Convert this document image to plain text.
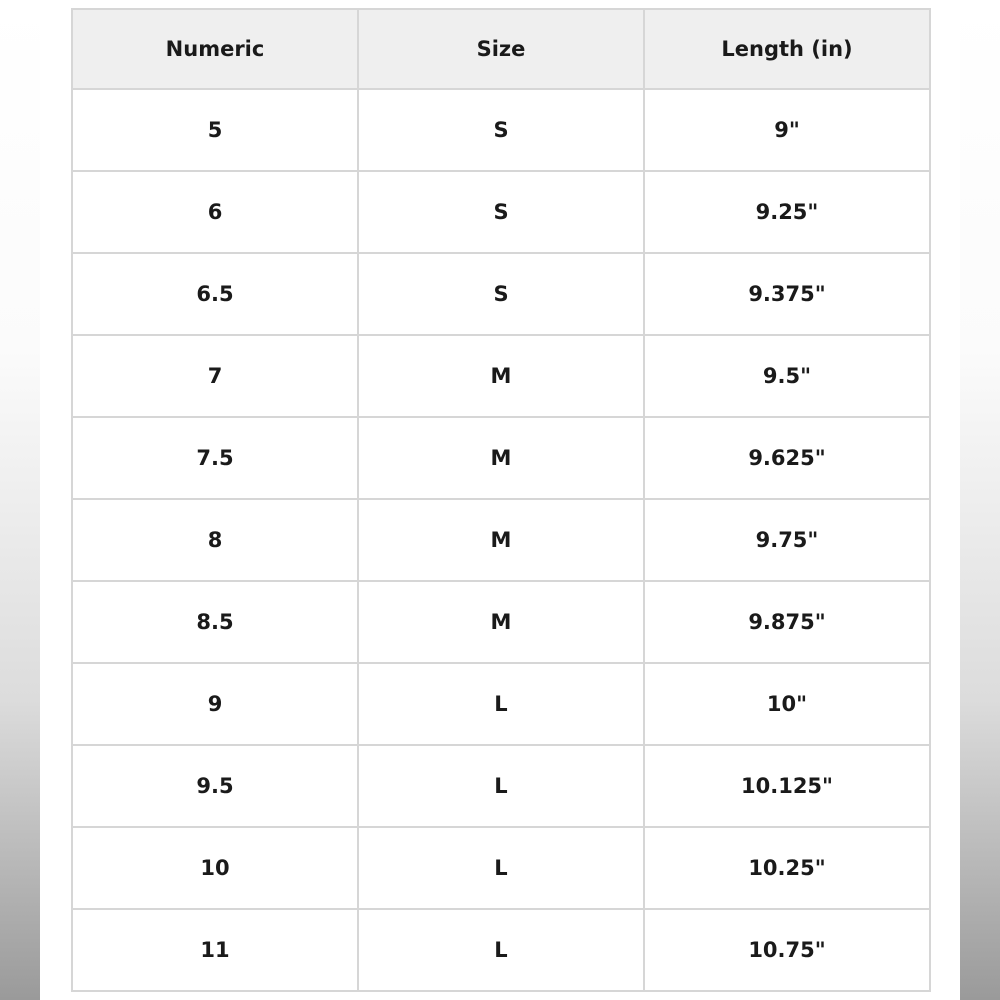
Numeric	Size	Length (in)
5	S	9"
6	S	9.25"
6.5	S	9.375"
7	M	9.5"
7.5	M	9.625"
8	M	9.75"
8.5	M	9.875"
9	L	10"
9.5	L	10.125"
10	L	10.25"
11	L	10.75"
